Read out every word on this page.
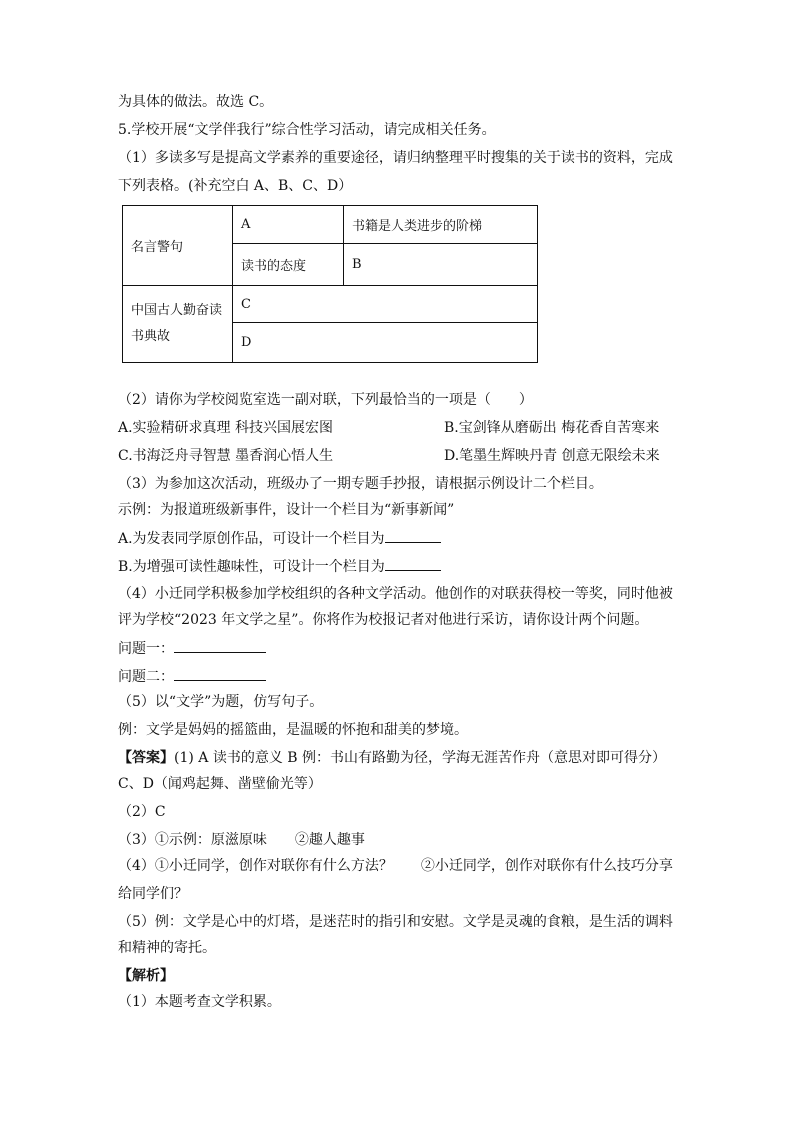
为具体的做法。故选 C。
5.学校开展“文学伴我行”综合性学习活动，请完成相关任务。
（1）多读多写是提高文学素养的重要途径，请归纳整理平时搜集的关于读书的资料，完成
下列表格。(补充空白 A、B、C、D）
名言警句	A	书籍是人类进步的阶梯
	读书的态度	B

中国古人勤奋读书典故	C	
	D	
（2）请你为学校阅览室选一副对联，下列最恰当的一项是（　　）
A.实验精研求真理 科技兴国展宏图	B.宝剑锋从磨砺出 梅花香自苦寒来
C.书海泛舟寻智慧 墨香润心悟人生	D.笔墨生辉映丹青 创意无限绘未来
（3）为参加这次活动，班级办了一期专题手抄报，请根据示例设计二个栏目。
示例：为报道班级新事件，设计一个栏目为“新事新闻”
A.为发表同学原创作品，可设计一个栏目为
B.为增强可读性趣味性，可设计一个栏目为
（4）小迁同学积极参加学校组织的各种文学活动。他创作的对联获得校一等奖，同时他被
评为学校“2023 年文学之星”。你将作为校报记者对他进行采访，请你设计两个问题。
问题一：
问题二：
（5）以“文学”为题，仿写句子。
例：文学是妈妈的摇篮曲，是温暖的怀抱和甜美的梦境。
【答案】(1) A 读书的意义 B 例：书山有路勤为径，学海无涯苦作舟（意思对即可得分）
C、D（闻鸡起舞、凿壁偷光等）
（2）C
（3）①示例：原滋原味　　②趣人趣事
（4）①小迁同学，创作对联你有什么方法？　　②小迁同学，创作对联你有什么技巧分享
给同学们？
（5）例：文学是心中的灯塔，是迷茫时的指引和安慰。文学是灵魂的食粮，是生活的调料
和精神的寄托。
【解析】
（1）本题考查文学积累。
